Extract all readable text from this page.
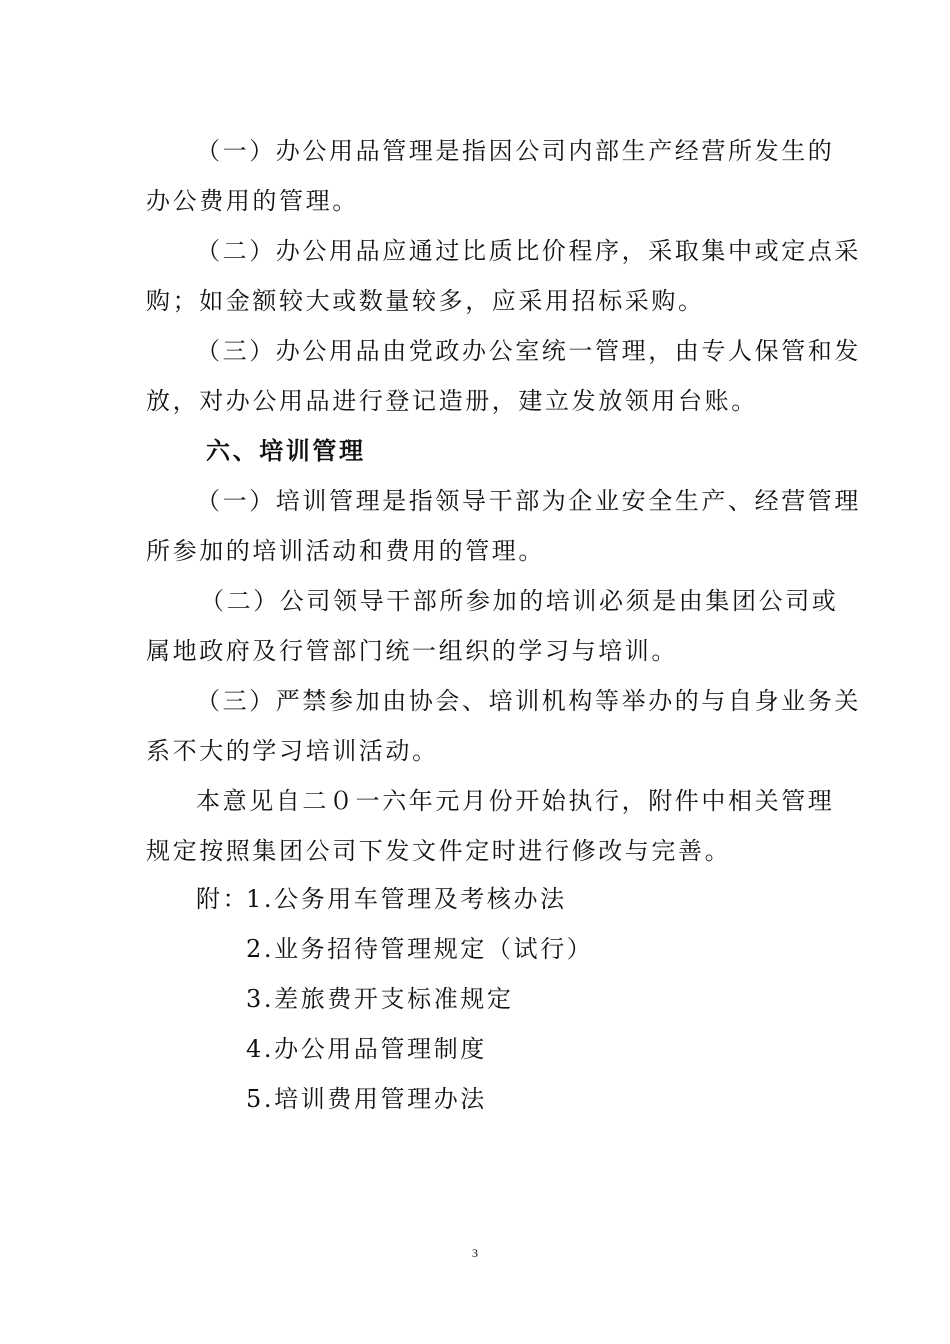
（一）办公用品管理是指因公司内部生产经营所发生的
办公费用的管理。
（二）办公用品应通过比质比价程序，采取集中或定点采
购；如金额较大或数量较多，应采用招标采购。
（三）办公用品由党政办公室统一管理，由专人保管和发
放，对办公用品进行登记造册，建立发放领用台账。
六、培训管理
（一）培训管理是指领导干部为企业安全生产、经营管理
所参加的培训活动和费用的管理。
（二）公司领导干部所参加的培训必须是由集团公司或
属地政府及行管部门统一组织的学习与培训。
（三）严禁参加由协会、培训机构等举办的与自身业务关
系不大的学习培训活动。
本意见自二０一六年元月份开始执行，附件中相关管理
规定按照集团公司下发文件定时进行修改与完善。
附：
1.公务用车管理及考核办法
2.业务招待管理规定（试行）
3.差旅费开支标准规定
4.办公用品管理制度
5.培训费用管理办法
3
